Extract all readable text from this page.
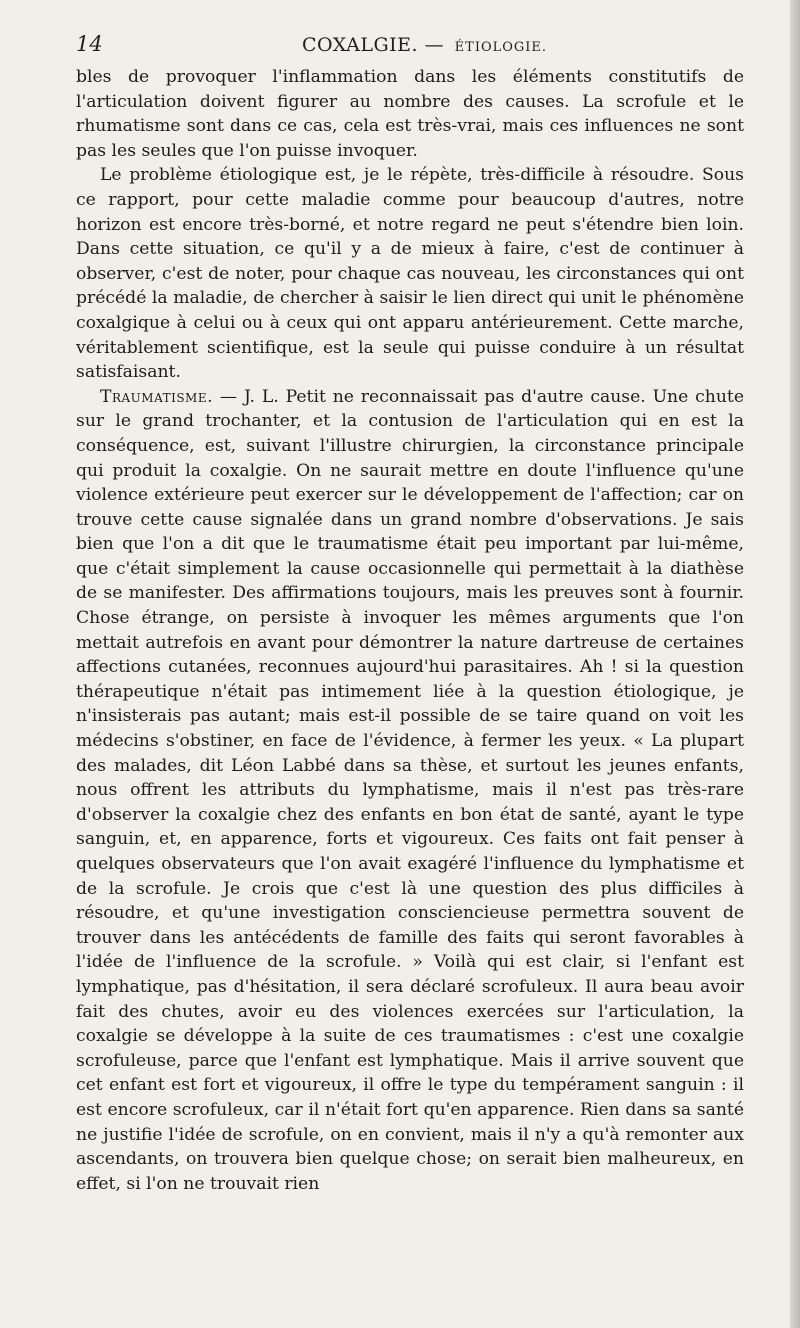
14	COXALGIE. — ÉTIOLOGIE.

bles de provoquer l'inflammation dans les éléments constitutifs de l'articulation doivent figurer au nombre des causes. La scrofule et le rhumatisme sont dans ce cas, cela est très-vrai, mais ces influences ne sont pas les seules que l'on puisse invoquer.

Le problème étiologique est, je le répète, très-difficile à résoudre. Sous ce rapport, pour cette maladie comme pour beaucoup d'autres, notre horizon est encore très-borné, et notre regard ne peut s'étendre bien loin. Dans cette situation, ce qu'il y a de mieux à faire, c'est de continuer à observer, c'est de noter, pour chaque cas nouveau, les circonstances qui ont précédé la maladie, de chercher à saisir le lien direct qui unit le phénomène coxalgique à celui ou à ceux qui ont apparu antérieurement. Cette marche, véritablement scientifique, est la seule qui puisse conduire à un résultat satisfaisant.

Traumatisme. — J. L. Petit ne reconnaissait pas d'autre cause. Une chute sur le grand trochanter, et la contusion de l'articulation qui en est la conséquence, est, suivant l'illustre chirurgien, la circonstance principale qui produit la coxalgie. On ne saurait mettre en doute l'influence qu'une violence extérieure peut exercer sur le développement de l'affection; car on trouve cette cause signalée dans un grand nombre d'observations. Je sais bien que l'on a dit que le traumatisme était peu important par lui-même, que c'était simplement la cause occasionnelle qui permettait à la diathèse de se manifester. Des affirmations toujours, mais les preuves sont à fournir. Chose étrange, on persiste à invoquer les mêmes arguments que l'on mettait autrefois en avant pour démontrer la nature dartreuse de certaines affections cutanées, reconnues aujourd'hui parasitaires. Ah ! si la question thérapeutique n'était pas intimement liée à la question étiologique, je n'insisterais pas autant; mais est-il possible de se taire quand on voit les médecins s'obstiner, en face de l'évidence, à fermer les yeux. « La plupart des malades, dit Léon Labbé dans sa thèse, et surtout les jeunes enfants, nous offrent les attributs du lymphatisme, mais il n'est pas très-rare d'observer la coxalgie chez des enfants en bon état de santé, ayant le type sanguin, et, en apparence, forts et vigoureux. Ces faits ont fait penser à quelques observateurs que l'on avait exagéré l'influence du lymphatisme et de la scrofule. Je crois que c'est là une question des plus difficiles à résoudre, et qu'une investigation consciencieuse permettra souvent de trouver dans les antécédents de famille des faits qui seront favorables à l'idée de l'influence de la scrofule. » Voilà qui est clair, si l'enfant est lymphatique, pas d'hésitation, il sera déclaré scrofuleux. Il aura beau avoir fait des chutes, avoir eu des violences exercées sur l'articulation, la coxalgie se développe à la suite de ces traumatismes : c'est une coxalgie scrofuleuse, parce que l'enfant est lymphatique. Mais il arrive souvent que cet enfant est fort et vigoureux, il offre le type du tempérament sanguin : il est encore scrofuleux, car il n'était fort qu'en apparence. Rien dans sa santé ne justifie l'idée de scrofule, on en convient, mais il n'y a qu'à remonter aux ascendants, on trouvera bien quelque chose; on serait bien malheureux, en effet, si l'on ne trouvait rien
